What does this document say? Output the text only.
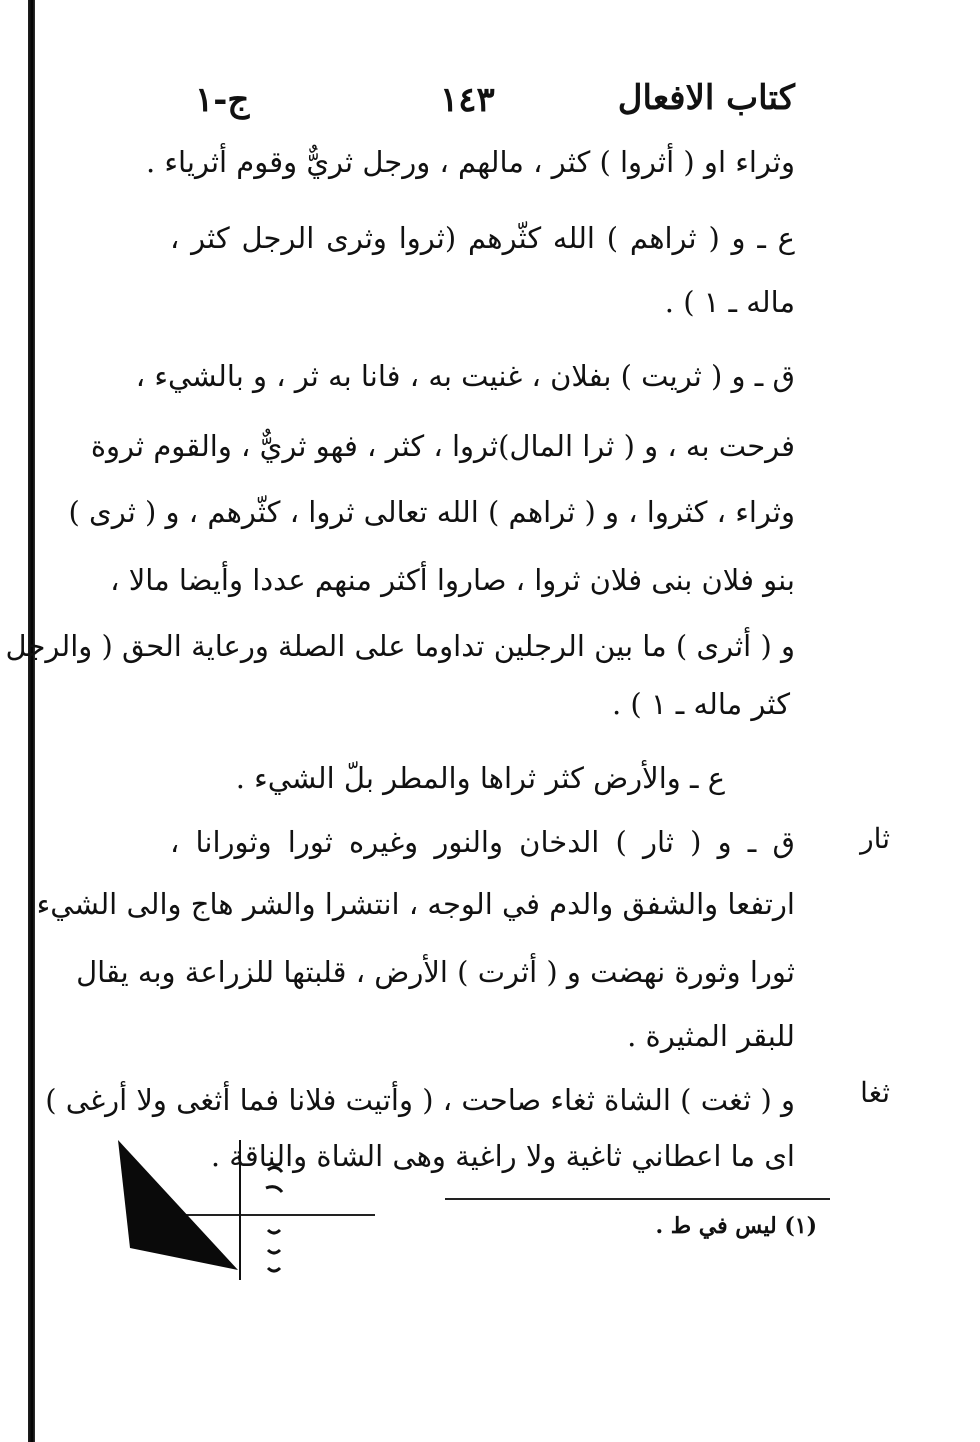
كتاب الافعال
١٤٣
ج-١
وثراء او ( أثروا ) كثر ، مالهم ، ورجل ثريٌّ وقوم أثرياء .
ع ـ و ( ثراهم ) الله كثّرهم (ثروا وثرى الرجل كثر ،
ماله ـ ١ ) .
ق ـ و ( ثريت ) بفلان ، غنيت به ، فانا به ثر ، و بالشيء ،
فرحت به ، و ( ثرا المال)ثروا ، كثر ، فهو ثريٌّ ، والقوم ثروة
وثراء ، كثروا ، و ( ثراهم ) الله تعالى ثروا ، كثّرهم ، و ( ثرى )
بنو فلان بنى فلان ثروا ، صاروا أكثر منهم عددا وأيضا مالا ،
و ( أثرى ) ما بين الرجلين تداوما على الصلة ورعاية الحق ( والرجل
كثر ماله ـ ١ ) .
ع ـ والأرض كثر ثراها والمطر بلّ الشيء .
ثار
ق ـ و ( ثار ) الدخان والنور وغيره ثورا وثورانا ،
ارتفعا والشفق والدم في الوجه ، انتشرا والشر هاج والى الشيء
ثورا وثورة نهضت و ( أثرت ) الأرض ، قلبتها للزراعة وبه يقال
للبقر المثيرة .
ثغا
و ( ثغت ) الشاة ثغاء صاحت ، ( وأتيت فلانا فما أثغى ولا أرغى )
اى ما اعطاني ثاغية ولا راغية وهى الشاة والناقة .
(١) ليس في ط .
